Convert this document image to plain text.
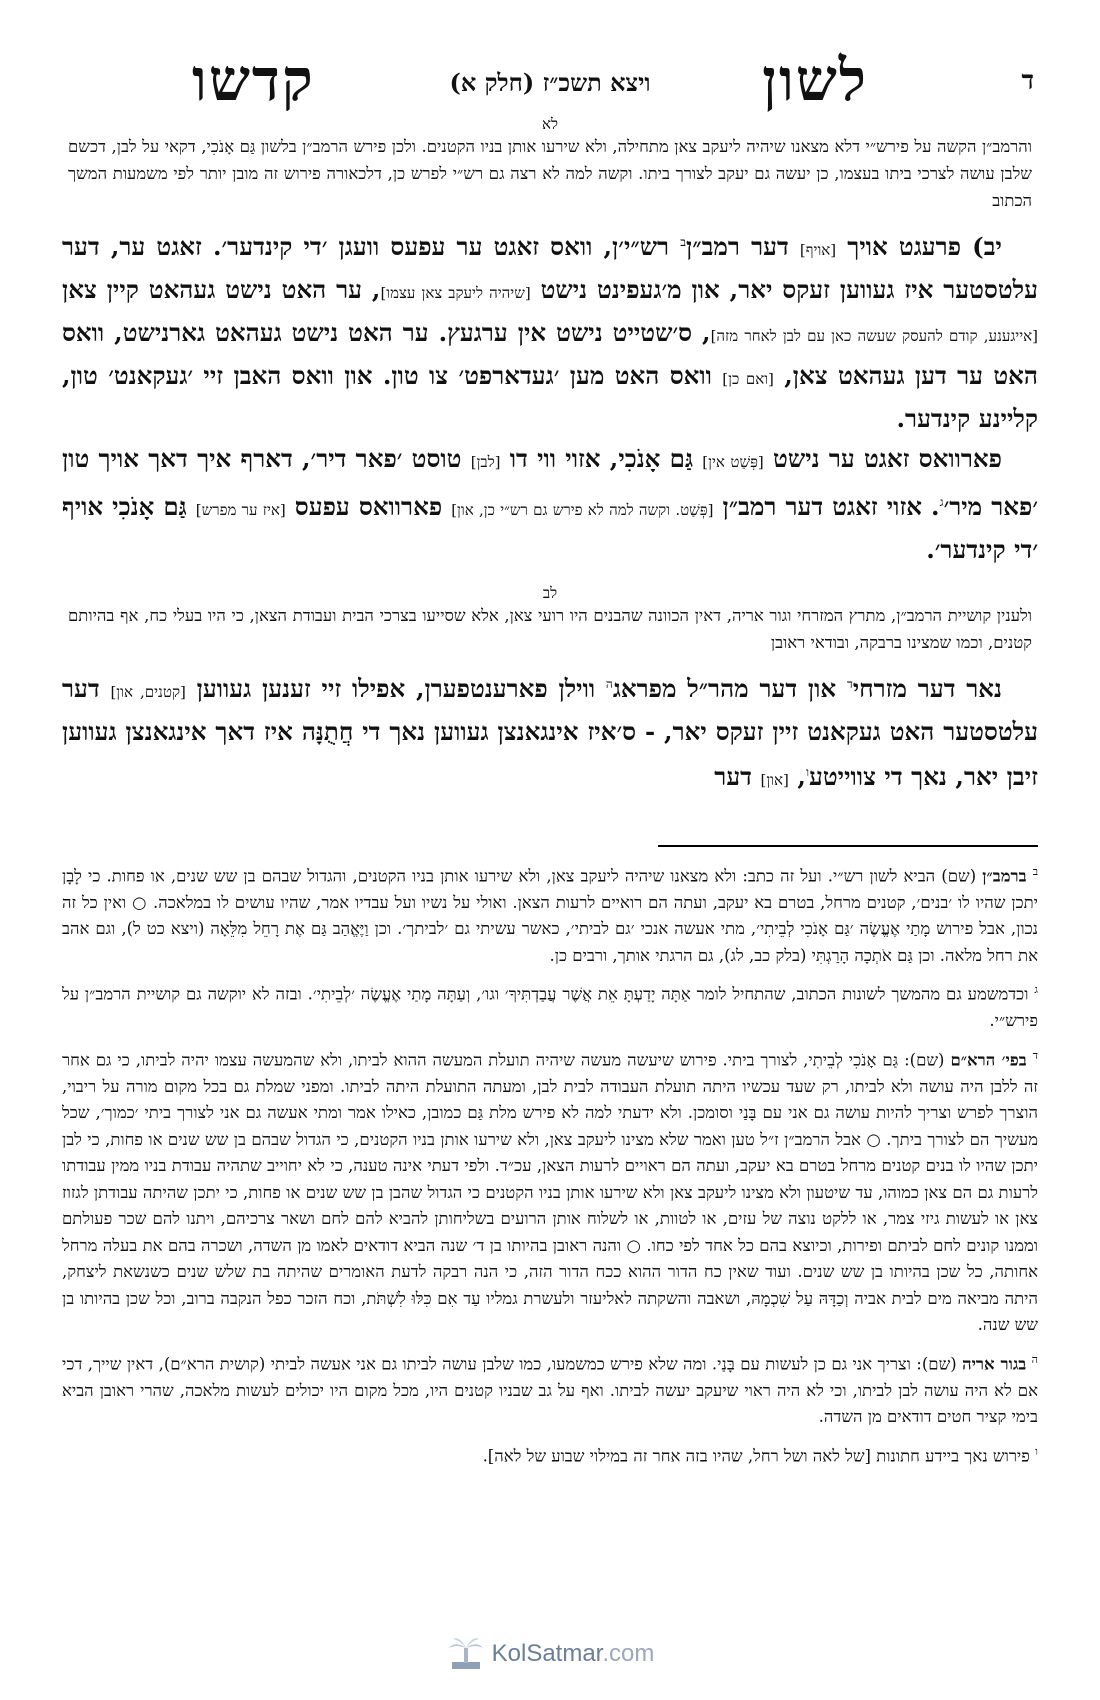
ד
לשון
ויצא תשכ״ז (חלק א)
קדשו
לא
והרמב״ן הקשה על פירש״י דלא מצאנו שיהיה ליעקב צאן מתחילה, ולא שירעו אותן בניו הקטנים. ולכן פירש הרמב״ן בלשון גַּם אָנֹכִי, דקאי על לבן, דכשם שלבן עושה לצרכי ביתו בעצמו, כן יעשה גם יעקב לצורך ביתו. וקשה למה לא רצה גם רש״י לפרש כן, דלכאורה פירוש זה מובן יותר לפי משמעות המשך הכתוב

יב) פרעגט אויך [אויף] דער רמב״ן$^ב$ רש״י׳ן, וואס זאגט ער עפעס וועגן ׳די קינדער׳. זאגט ער, דער עלטסטער איז געווען זעקס יאר, און מ׳געפינט נישט [שיהיה ליעקב צאן עצמו], ער האט נישט געהאט קיין צאן [אייגענע, קודם להעסק שעשה כאן עם לבן לאחר מזה], ס׳שטייט נישט אין ערגעץ. ער האט נישט געהאט גארנישט, וואס האט ער דען געהאט צאן, [ואם כן] וואס האט מען ׳געדארפט׳ צו טון. און וואס האבן זיי ׳געקאנט׳ טון, קליינע קינדער.

פארוואס זאגט ער נישט [פְּשַׁט אין] גַּם אָנֹכִי, אזוי ווי דו [לבן] טוסט ׳פאר דיר׳, דארף איך דאך אויך טון ׳פאר מיר׳$^ג$. אזוי זאגט דער רמב״ן [פְּשַׁט. וקשה למה לא פירש גם רש״י כן, און] פארוואס עפעס [איז ער מפרש] גַּם אָנֹכִי אויף ׳די קינדער׳.

לב
ולענין קושיית הרמב״ן, מתרץ המזרחי וגור אריה, דאין הכוונה שהבנים היו רועי צאן, אלא שסייעו בצרכי הבית ועבודת הצאן, כי היו בעלי כח, אף בהיותם קטנים, וכמו שמצינו ברבקה, ובודאי ראובן

נאר דער מזרחי$^ד$ און דער מהר״ל מפראג$^ה$ ווילן פארענטפערן, אפילו זיי זענען געווען [קטנים, און] דער עלטסטער האט געקאנט זיין זעקס יאר, - ס׳איז אינגאנצן געווען נאך די חֲתֻנָּה איז דאך אינגאנצן געווען זיבן יאר, נאך די צווייטע$^ו$, [און] דער

$^ב$ ברמב״ן (שם) הביא לשון רש״י. ועל זה כתב: ולא מצאנו שיהיה ליעקב צאן, ולא שירעו אותן בניו הקטנים, והגדול שבהם בן שש שנים, או פחות. כי לָבָן יתכן שהיו לו ׳בנים׳, קטנים מרחל, בטרם בא יעקב, ועתה הם רואיים לרעות הצאן. ואולי על נשיו ועל עבדיו אמר, שהיו עושים לו במלאכה. ○ ואין כל זה נכון, אבל פירוש מָתַי אֶעֱשֶׂה ׳גַּם אָנֹכִי לְבֵיתִי׳, מתי אעשה אנכי ׳גם לביתי׳, כאשר עשיתי גם ׳לביתך׳. וכן וַיֶּאֱהַב גַּם אֶת רָחֵל מִלֵּאָה (ויצא כט ל), וגם אהב את רחל מלאה. וכן גַּם אֹתְכָה הָרַגְתִּי (בלק כב, לג), גם הרגתי אותך, ורבים כן.
$^ג$ וכדמשמע גם מהמשך לשונות הכתוב, שהתחיל לומר אַתָּה יָדַעְתָּ אֵת אֲשֶׁר עֲבַדְתִּיךָ׳ וגו׳, וְעַתָּה מָתַי אֶעֱשֶׂה ׳לְבֵיתִי׳. ובזה לא יוקשה גם קושיית הרמב״ן על פירש״י.
$^ד$ בפי׳ הרא״ם (שם): גַּם אָנֹכִי לְבֵיתִי, לצורך ביתי. פירוש שיעשה מעשה שיהיה תועלת המעשה ההוא לביתו, ולא שהמעשה עצמו יהיה לביתו, כי גם אחר זה ללבן היה עושה ולא לביתו, רק שעד עכשיו היתה תועלת העבודה לבית לבן, ומעתה התועלת היתה לביתו. ומפני שמלת גם בכל מקום מורה על ריבוי, הוצרך לפרש וצריך להיות עושה גם אני עם בָּנַי וסומכן. ולא ידעתי למה לא פירש מלת גַּם כמובן, כאילו אמר ומתי אעשה גם אני לצורך ביתי ׳כמוך׳, שכל מעשיך הם לצורך ביתך. ○ אבל הרמב״ן ז״ל טען ואמר שלא מצינו ליעקב צאן, ולא שירעו אותן בניו הקטנים, כי הגדול שבהם בן שש שנים או פחות, כי לבן יתכן שהיו לו בנים קטנים מרחל בטרם בא יעקב, ועתה הם ראויים לרעות הצאן, עכ״ד. ולפי דעתי אינה טענה, כי לא יחוייב שתהיה עבודת בניו ממין עבודתו לרעות גם הם צאן כמוהו, עד שיטעון ולא מצינו ליעקב צאן ולא שירעו אותן בניו הקטנים כי הגדול שהבן בן שש שנים או פחות, כי יתכן שהיתה עבודתן לגזוז צאן או לעשות גיזי צמר, או ללקט נוצה של עזים, או לטוות, או לשלוח אותן הרועים בשליחותן להביא להם לחם ושאר צרכיהם, ויתנו להם שכר פעולתם וממנו קונים לחם לביתם ופירות, וכיוצא בהם כל אחד לפי כחו. ○ והנה ראובן בהיותו בן ד׳ שנה הביא דודאים לאמו מן השדה, ושכרה בהם את בעלה מרחל אחותה, כל שכן בהיותו בן שש שנים. ועוד שאין כח הדור ההוא ככח הדור הזה, כי הנה רבקה לדעת האומרים שהיתה בת שלש שנים כשנשאת ליצחק, היתה מביאה מים לבית אביה וְכַדָּהּ עַל שִׁכְמָהּ, ושאבה והשקתה לאליעזר ולעשרת גמליו עַד אִם כִּלּוּ לִשְׁתֹּת, וכח הזכר כפל הנקבה ברוב, וכל שכן בהיותו בן שש שנה.
$^ה$ בגור אריה (שם): וצריך אני גם כן לעשות עם בָּנַי. ומה שלא פירש כמשמעו, כמו שלבן עושה לביתו גם אני אעשה לביתי (קושית הרא״ם), דאין שייך, דכי אם לא היה עושה לבן לביתו, וכי לא היה ראוי שיעקב יעשה לביתו. ואף על גב שבניו קטנים היו, מכל מקום היו יכולים לעשות מלאכה, שהרי ראובן הביא בימי קציר חטים דודאים מן השדה.
$^ו$ פירוש נאך ביידע חתונות [של לאה ושל רחל, שהיו בזה אחר זה במילוי שבוע של לאה].
KolSatmar.com
